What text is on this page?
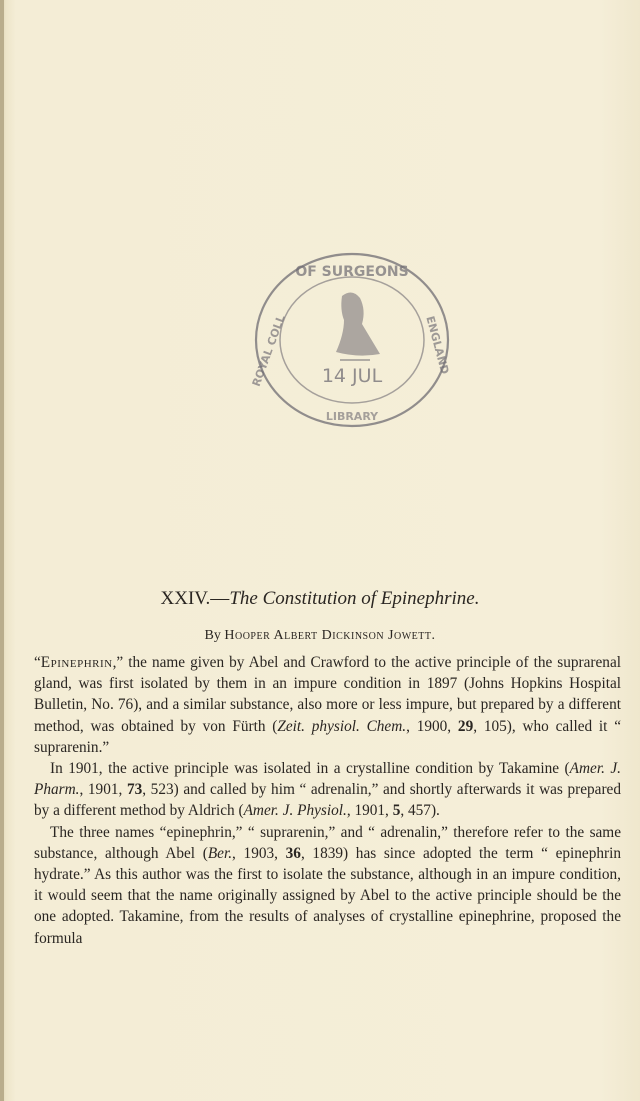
14 JUL
OF SURGEONS
ROYAL COLL	ENGLAND
LIBRARY
XXIV.—The Constitution of Epinephrine.
By Hooper Albert Dickinson Jowett.

“Epinephrin,” the name given by Abel and Crawford to the active principle of the suprarenal gland, was first isolated by them in an impure condition in 1897 (Johns Hopkins Hospital Bulletin, No. 76), and a similar substance, also more or less impure, but prepared by a different method, was obtained by von Fürth (Zeit. physiol. Chem., 1900, 29, 105), who called it “ suprarenin.”

In 1901, the active principle was isolated in a crystalline condition by Takamine (Amer. J. Pharm., 1901, 73, 523) and called by him “ adrenalin,” and shortly afterwards it was prepared by a different method by Aldrich (Amer. J. Physiol., 1901, 5, 457).

The three names “epinephrin,” “ suprarenin,” and “ adrenalin,” therefore refer to the same substance, although Abel (Ber., 1903, 36, 1839) has since adopted the term “ epinephrin hydrate.” As this author was the first to isolate the substance, although in an impure condition, it would seem that the name originally assigned by Abel to the active principle should be the one adopted. Takamine, from the results of analyses of crystalline epinephrine, proposed the formula
